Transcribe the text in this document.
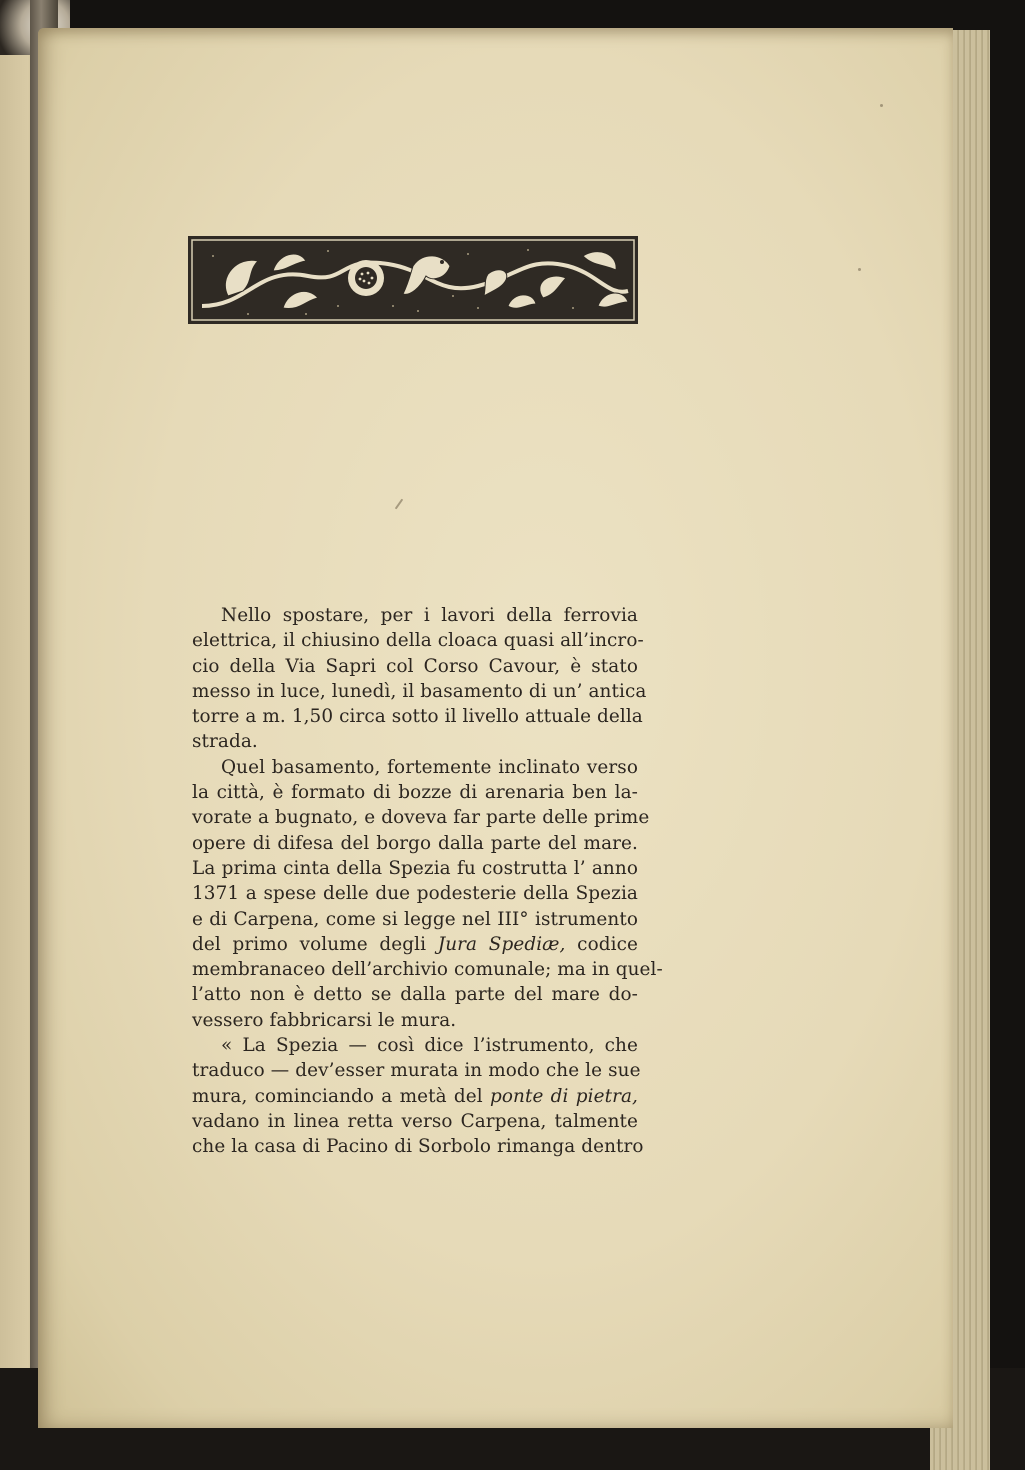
Nello spostare, per i lavori della ferrovia
elettrica, il chiusino della cloaca quasi all’incro-
cio della Via Sapri col Corso Cavour, è stato
messo in luce, lunedì, il basamento di un’ antica
torre a m. 1,50 circa sotto il livello attuale della
strada.

Quel basamento, fortemente inclinato verso
la città, è formato di bozze di arenaria ben la-
vorate a bugnato, e doveva far parte delle prime
opere di difesa del borgo dalla parte del mare.
La prima cinta della Spezia fu costrutta l’ anno
1371 a spese delle due podesterie della Spezia
e di Carpena, come si legge nel III° istrumento
del primo volume degli Jura Spediæ, codice
membranaceo dell’archivio comunale; ma in quel-
l’atto non è detto se dalla parte del mare do-
vessero fabbricarsi le mura.

« La Spezia — così dice l’istrumento, che
traduco — dev’esser murata in modo che le sue
mura, cominciando a metà del ponte di pietra,
vadano in linea retta verso Carpena, talmente
che la casa di Pacino di Sorbolo rimanga dentro
